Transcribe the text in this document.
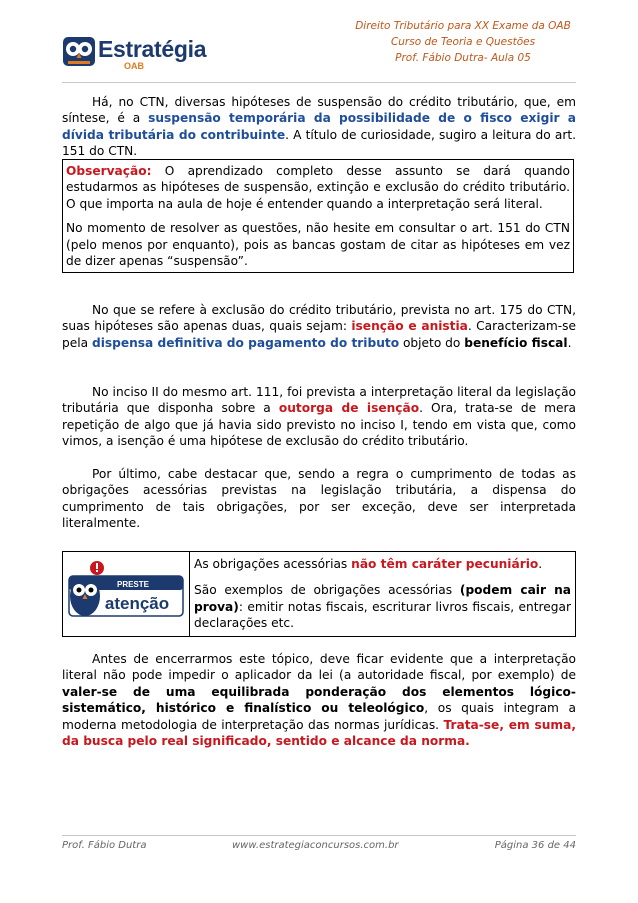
Estratégia
OAB
Direito Tributário para XX Exame da OAB
Curso de Teoria e Questões
Prof. Fábio Dutra- Aula 05

Há, no CTN, diversas hipóteses de suspensão do crédito tributário, que, em síntese, é a suspensão temporária da possibilidade de o fisco exigir a dívida tributária do contribuinte. A título de curiosidade, sugiro a leitura do art. 151 do CTN.

Observação: O aprendizado completo desse assunto se dará quando estudarmos as hipóteses de suspensão, extinção e exclusão do crédito tributário. O que importa na aula de hoje é entender quando a interpretação será literal.

No momento de resolver as questões, não hesite em consultar o art. 151 do CTN (pelo menos por enquanto), pois as bancas gostam de citar as hipóteses em vez de dizer apenas “suspensão”.

No que se refere à exclusão do crédito tributário, prevista no art. 175 do CTN, suas hipóteses são apenas duas, quais sejam: isenção e anistia. Caracterizam-se pela dispensa definitiva do pagamento do tributo objeto do benefício fiscal.

No inciso II do mesmo art. 111, foi prevista a interpretação literal da legislação tributária que disponha sobre a outorga de isenção. Ora, trata-se de mera repetição de algo que já havia sido previsto no inciso I, tendo em vista que, como vimos, a isenção é uma hipótese de exclusão do crédito tributário.

Por último, cabe destacar que, sendo a regra o cumprimento de todas as obrigações acessórias previstas na legislação tributária, a dispensa do cumprimento de tais obrigações, por ser exceção, deve ser interpretada literalmente.

PRESTE
atenção

As obrigações acessórias não têm caráter pecuniário.

São exemplos de obrigações acessórias (podem cair na prova): emitir notas fiscais, escriturar livros fiscais, entregar declarações etc.

Antes de encerrarmos este tópico, deve ficar evidente que a interpretação literal não pode impedir o aplicador da lei (a autoridade fiscal, por exemplo) de valer-se de uma equilibrada ponderação dos elementos lógico-sistemático, histórico e finalístico ou teleológico, os quais integram a moderna metodologia de interpretação das normas jurídicas. Trata-se, em suma, da busca pelo real significado, sentido e alcance da norma.

Prof. Fábio Dutra	www.estrategiaconcursos.com.br	Página 36 de 44
